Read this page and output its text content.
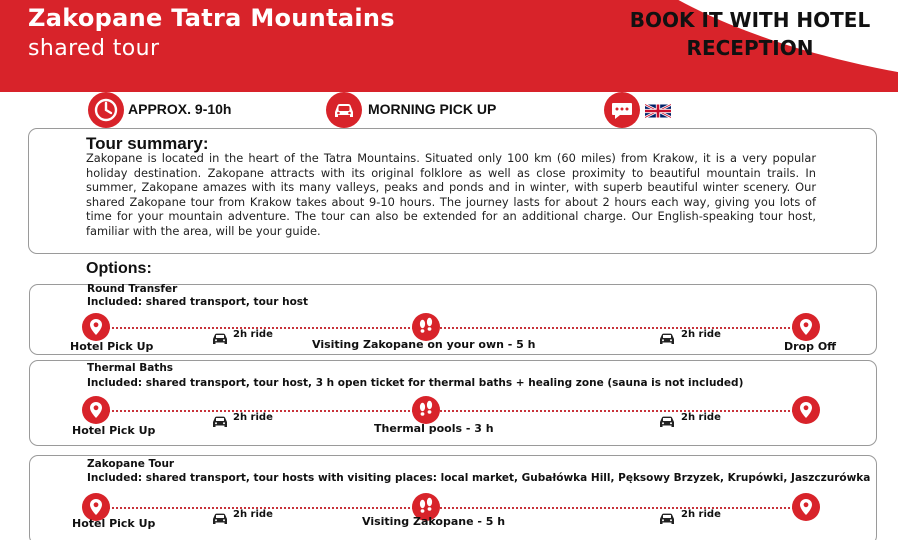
Zakopane Tatra Mountains
shared tour
BOOK IT WITH HOTEL
RECEPTION
APPROX. 9-10h	MORNING PICK UP
Tour summary:
Zakopane is located in the heart of the Tatra Mountains. Situated only 100 km (60 miles) from Krakow, it is a very popular holiday destination. Zakopane attracts with its original folklore as well as close proximity to beautiful mountain trails. In summer, Zakopane amazes with its many valleys, peaks and ponds and in winter, with superb beautiful winter scenery. Our shared Zakopane tour from Krakow takes about 9-10 hours. The journey lasts for about 2 hours each way, giving you lots of time for your mountain adventure. The tour can also be extended for an additional charge. Our English-speaking tour host, familiar with the area, will be your guide.
Options:
Round Transfer
Included: shared transport, tour host
Thermal Baths
Included: shared transport, tour host, 3 h open ticket for thermal baths + healing zone (sauna is not included)
Zakopane Tour
Included: shared transport, tour hosts with visiting places: local market, Gubałówka Hill, Pęksowy Brzyzek, Krupówki, Jaszczurówka
2h ride	2h ride
Hotel Pick Up	Visiting Zakopane on your own - 5 h	Drop Off
2h ride	2h ride
Hotel Pick Up	Thermal pools - 3 h
2h ride	2h ride
Hotel Pick Up	Visiting Zakopane - 5 h
